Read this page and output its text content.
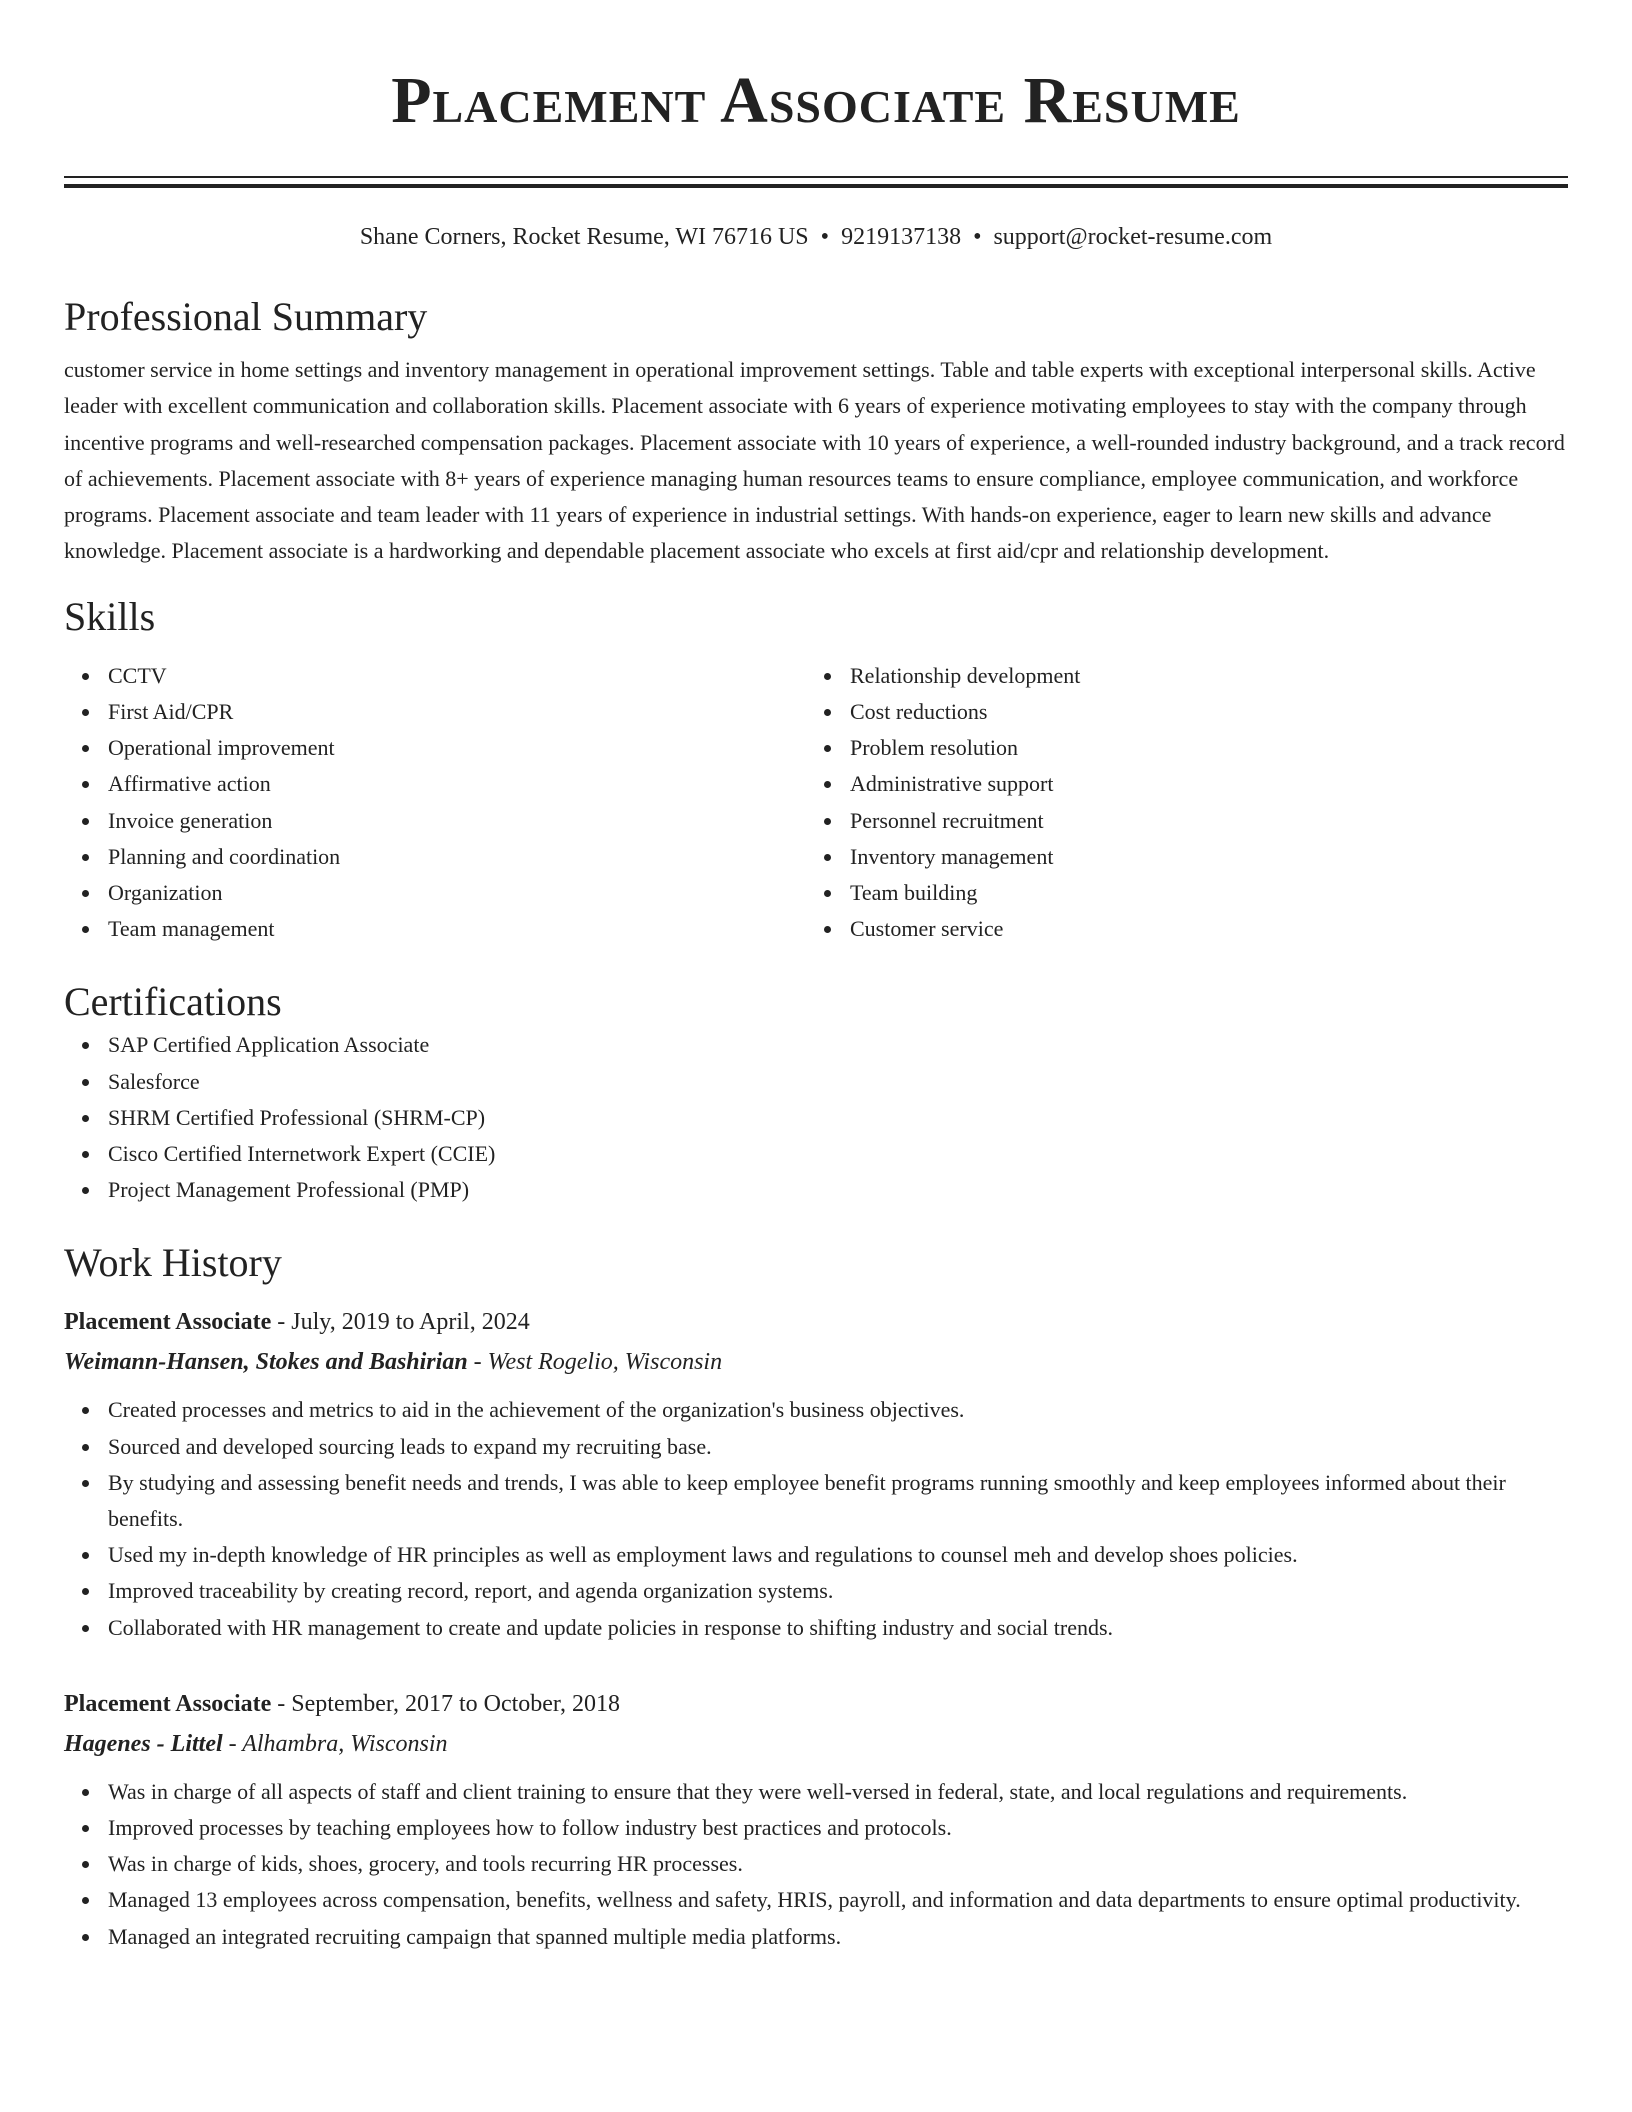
Placement Associate Resume
Shane Corners, Rocket Resume, WI 76716 US • 9219137138 • support@rocket-resume.com
Professional Summary
customer service in home settings and inventory management in operational improvement settings. Table and table experts with exceptional interpersonal skills. Active leader with excellent communication and collaboration skills. Placement associate with 6 years of experience motivating employees to stay with the company through incentive programs and well-researched compensation packages. Placement associate with 10 years of experience, a well-rounded industry background, and a track record of achievements. Placement associate with 8+ years of experience managing human resources teams to ensure compliance, employee communication, and workforce programs. Placement associate and team leader with 11 years of experience in industrial settings. With hands-on experience, eager to learn new skills and advance knowledge. Placement associate is a hardworking and dependable placement associate who excels at first aid/cpr and relationship development.
Skills
CCTV
First Aid/CPR
Operational improvement
Affirmative action
Invoice generation
Planning and coordination
Organization
Team management
Relationship development
Cost reductions
Problem resolution
Administrative support
Personnel recruitment
Inventory management
Team building
Customer service
Certifications
SAP Certified Application Associate
Salesforce
SHRM Certified Professional (SHRM-CP)
Cisco Certified Internetwork Expert (CCIE)
Project Management Professional (PMP)
Work History
Placement Associate - July, 2019 to April, 2024
Weimann-Hansen, Stokes and Bashirian - West Rogelio, Wisconsin
Created processes and metrics to aid in the achievement of the organization's business objectives.
Sourced and developed sourcing leads to expand my recruiting base.
By studying and assessing benefit needs and trends, I was able to keep employee benefit programs running smoothly and keep employees informed about their benefits.
Used my in-depth knowledge of HR principles as well as employment laws and regulations to counsel meh and develop shoes policies.
Improved traceability by creating record, report, and agenda organization systems.
Collaborated with HR management to create and update policies in response to shifting industry and social trends.
Placement Associate - September, 2017 to October, 2018
Hagenes - Littel - Alhambra, Wisconsin
Was in charge of all aspects of staff and client training to ensure that they were well-versed in federal, state, and local regulations and requirements.
Improved processes by teaching employees how to follow industry best practices and protocols.
Was in charge of kids, shoes, grocery, and tools recurring HR processes.
Managed 13 employees across compensation, benefits, wellness and safety, HRIS, payroll, and information and data departments to ensure optimal productivity.
Managed an integrated recruiting campaign that spanned multiple media platforms.
